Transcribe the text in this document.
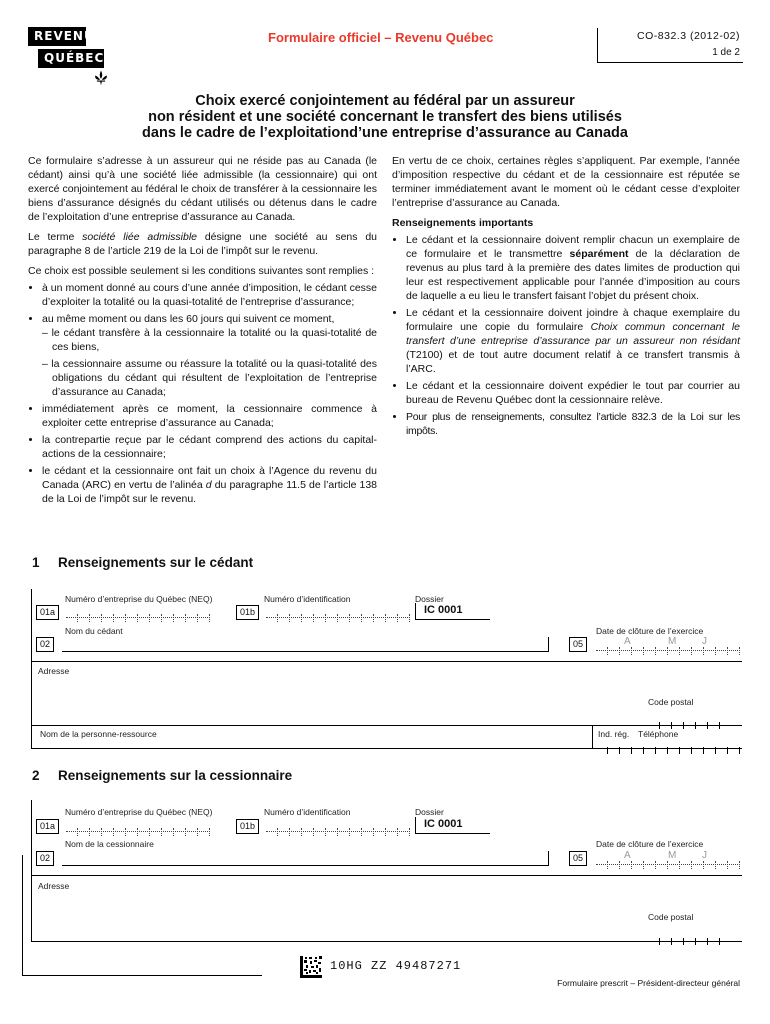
REVENU
QUÉBEC
Formulaire officiel – Revenu Québec	CO-832.3 (2012-02)
1 de 2
Choix exercé conjointement au fédéral par un assureur
non résident et une société concernant le transfert des biens utilisés
dans le cadre de l’exploitationd’une entreprise d’assurance au Canada

Ce formulaire s’adresse à un assureur qui ne réside pas au Canada (le cédant) ainsi qu’à une société liée admissible (la cessionnaire) qui ont exercé conjointement au fédéral le choix de transférer à la cessionnaire les biens d’assurance désignés du cédant utilisés ou détenus dans le cadre de l’exploitation d’une entreprise d’assurance au Canada.

Le terme société liée admissible désigne une société au sens du paragraphe 8 de l’article 219 de la Loi de l’impôt sur le revenu.

Ce choix est possible seulement si les conditions suivantes sont remplies :

• à un moment donné au cours d’une année d’imposition, le cédant cesse d’exploiter la totalité ou la quasi-totalité de l’entreprise d’assurance;
• au même moment ou dans les 60 jours qui suivent ce moment,
– le cédant transfère à la cessionnaire la totalité ou la quasi-totalité de ces biens,
– la cessionnaire assume ou réassure la totalité ou la quasi-totalité des obligations du cédant qui résultent de l’exploitation de l’entreprise d’assurance au Canada;
• immédiatement après ce moment, la cessionnaire commence à exploiter cette entreprise d’assurance au Canada;
• la contrepartie reçue par le cédant comprend des actions du capital-actions de la cessionnaire;
• le cédant et la cessionnaire ont fait un choix à l’Agence du revenu du Canada (ARC) en vertu de l’alinéa d du paragraphe 11.5 de l’article 138 de la Loi de l’impôt sur le revenu.

En vertu de ce choix, certaines règles s’appliquent. Par exemple, l’année d’imposition respective du cédant et de la cessionnaire est réputée se terminer immédiatement avant le moment où le cédant cesse d’exploiter l’entreprise d’assurance au Canada.

Renseignements importants
• Le cédant et la cessionnaire doivent remplir chacun un exemplaire de ce formulaire et le transmettre séparément de la déclaration de revenus au plus tard à la première des dates limites de production qui leur est respectivement applicable pour l’année d’imposition au cours de laquelle a eu lieu le transfert faisant l’objet du présent choix.
• Le cédant et la cessionnaire doivent joindre à chaque exemplaire du formulaire une copie du formulaire Choix commun concernant le transfert d’une entreprise d’assurance par un assureur non résidant (T2100) et de tout autre document relatif à ce transfert transmis à l’ARC.
• Le cédant et la cessionnaire doivent expédier le tout par courrier au bureau de Revenu Québec dont la cessionnaire relève.
• Pour plus de renseignements, consultez l’article 832.3 de la Loi sur les impôts.
1 Renseignements sur le cédant
Numéro d’entreprise du Québec (NEQ)	Numéro d’identification	Dossier
01a	01b	IC 0001
Nom du cédant	Date de clôture de l’exercice
02	05	A	M	J
Adresse
Code postal
Nom de la personne-ressource	Ind. rég. Téléphone
2 Renseignements sur la cessionnaire
Numéro d’entreprise du Québec (NEQ)	Numéro d’identification	Dossier
01a	01b	IC 0001
Nom de la cessionnaire	Date de clôture de l’exercice
02	05	A	M	J
Adresse
Code postal
10HG ZZ 49487271
Formulaire prescrit – Président-directeur général
